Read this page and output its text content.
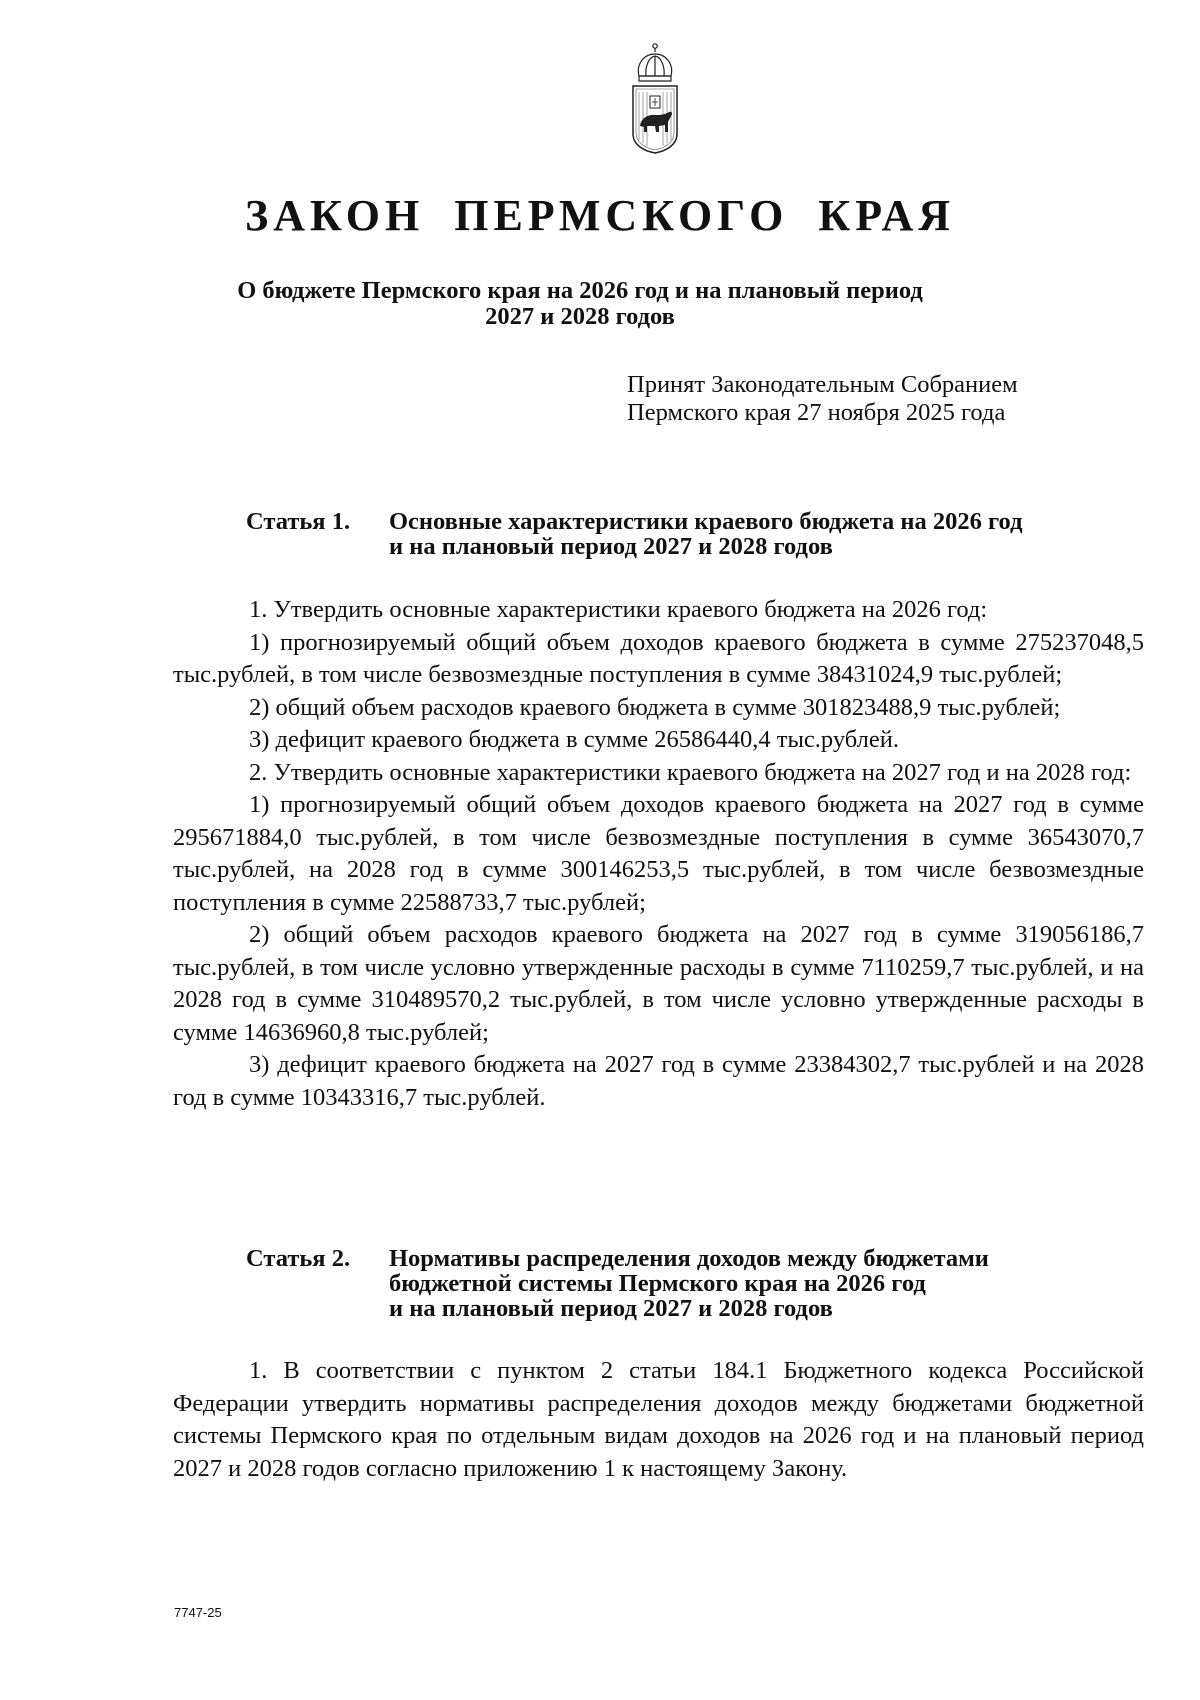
ЗАКОН ПЕРМСКОГО КРАЯ
О бюджете Пермского края на 2026 год и на плановый период
2027 и 2028 годов
Принят Законодательным Собранием
Пермского края 27 ноября 2025 года
Статья 1. Основные характеристики краевого бюджета на 2026 год
и на плановый период 2027 и 2028 годов

1. Утвердить основные характеристики краевого бюджета на 2026 год:

1) прогнозируемый общий объем доходов краевого бюджета в сумме 275237048,5 тыс.рублей, в том числе безвозмездные поступления в сумме 38431024,9 тыс.рублей;

2) общий объем расходов краевого бюджета в сумме 301823488,9 тыс.рублей;

3) дефицит краевого бюджета в сумме 26586440,4 тыс.рублей.

2. Утвердить основные характеристики краевого бюджета на 2027 год и на 2028 год:

1) прогнозируемый общий объем доходов краевого бюджета на 2027 год в сумме 295671884,0 тыс.рублей, в том числе безвозмездные поступления в сумме 36543070,7 тыс.рублей, на 2028 год в сумме 300146253,5 тыс.рублей, в том числе безвозмездные поступления в сумме 22588733,7 тыс.рублей;

2) общий объем расходов краевого бюджета на 2027 год в сумме 319056186,7 тыс.рублей, в том числе условно утвержденные расходы в сумме 7110259,7 тыс.рублей, и на 2028 год в сумме 310489570,2 тыс.рублей, в том числе условно утвержденные расходы в сумме 14636960,8 тыс.рублей;

3) дефицит краевого бюджета на 2027 год в сумме 23384302,7 тыс.рублей и на 2028 год в сумме 10343316,7 тыс.рублей.

Статья 2. Нормативы распределения доходов между бюджетами
бюджетной системы Пермского края на 2026 год
и на плановый период 2027 и 2028 годов

1. В соответствии с пунктом 2 статьи 184.1 Бюджетного кодекса Российской Федерации утвердить нормативы распределения доходов между бюджетами бюджетной системы Пермского края по отдельным видам доходов на 2026 год и на плановый период 2027 и 2028 годов согласно приложению 1 к настоящему Закону.

7747-25
